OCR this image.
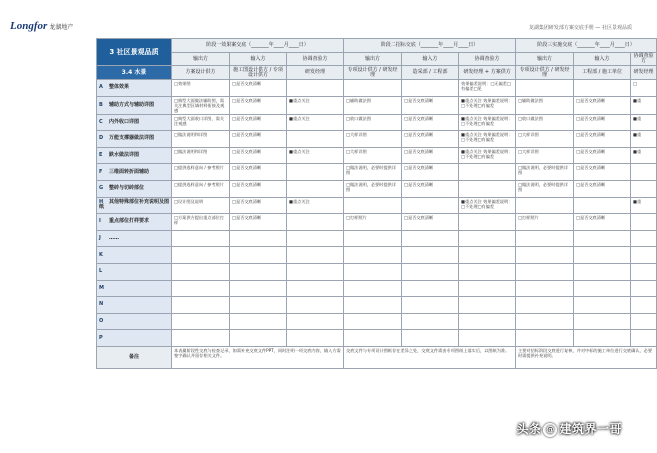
Longfor 龙湖地产	龙湖集团研发部方案交底手册 — 社区景观品质
3 社区景观品质	阶段一效果案交底（_______年____月____日）			阶段二招标交底（_______年____月____日）			阶段三实施交底（_______年____月____日）		
	输出方	输入方	协调查验方	输出方	输入方	协调查验方	输出方	输入方	协调查验方

3.4 水景	方案设计供方	施工图设计供方 / 专项设计供方	研发经理	专项设计供方 / 研发经理	造采部 / 工程部	研发经理 + 方案供方	专项设计供方 / 研发经理	工程部 / 施工单位	研发经理
A 整体效果	□效果图	□是否交底清晰				效果偏差说明：□无偏差□有偏差□见			□
B 辅助方式与辅助详图	□典型大面做法辅助图，需关注典型区域材料衔接及观感	□是否交底清晰	■重点关注	□辅助做法图	□是否交底清晰	■重点关注 效果偏差说明：□不处理□有偏差	□辅助做法图	□是否交底清晰	■重
C 内外收口详图	□典型大面收口详图，需关注观感	□是否交底清晰	■重点关注	□收口做法图	□是否交底清晰	■重点关注 效果偏差说明：□不处理□有偏差	□收口做法图	□是否交底清晰	■重
D 万能支撑器做法详图	□做法说明和详图	□是否交底清晰		□大样详图	□是否交底清晰	■重点关注 效果偏差说明：□不处理□有偏差	□大样详图	□是否交底清晰	■重
E 跌水做法详图	□做法说明和详图	□是否交底清晰	■重点关注	□大样详图	□是否交底清晰	■重点关注 效果偏差说明：□不处理□有偏差	□大样详图	□是否交底清晰	■重
F 三维面转折面辅助	□提供选样意向 / 参考照片	□是否交底清晰		□做法说明，必要时提供详图	□是否交底清晰		□做法说明，必要时提供详图	□是否交底清晰	
G 整砖与切砖部位	□提供选样意向 / 参考照片	□是否交底清晰		□做法说明，必要时提供详图	□是否交底清晰		□做法说明，必要时提供详图	□是否交底清晰	
H 其他特殊部位补充说明及图纸	□设计图及说明	□是否交底清晰	■重点关注			■重点关注 效果偏差说明：□不处理□有偏差			■重
I 重点部位打样要求	□方案供方提出重点部位打样	□是否交底清晰		□打样照片	□是否交底清晰		□打样照片	□是否交底清晰	
J ……									
K									
L									
M									
N									
O									
P									
备注	本表属阶段性交底与检查记录，如需补充交底文件PPT，同时注明一项交底内容，输入方需签字确认并留存相关文件。			交底文件与专项设计图纸存在差异之处，交底文件需由专项图纸上落实后，以图纸为准。			主要对招标阶段交底进行复核，并对中标的施工单位进行交底确认，必要时需提供补充说明。		
头条 @ 建筑界一哥
